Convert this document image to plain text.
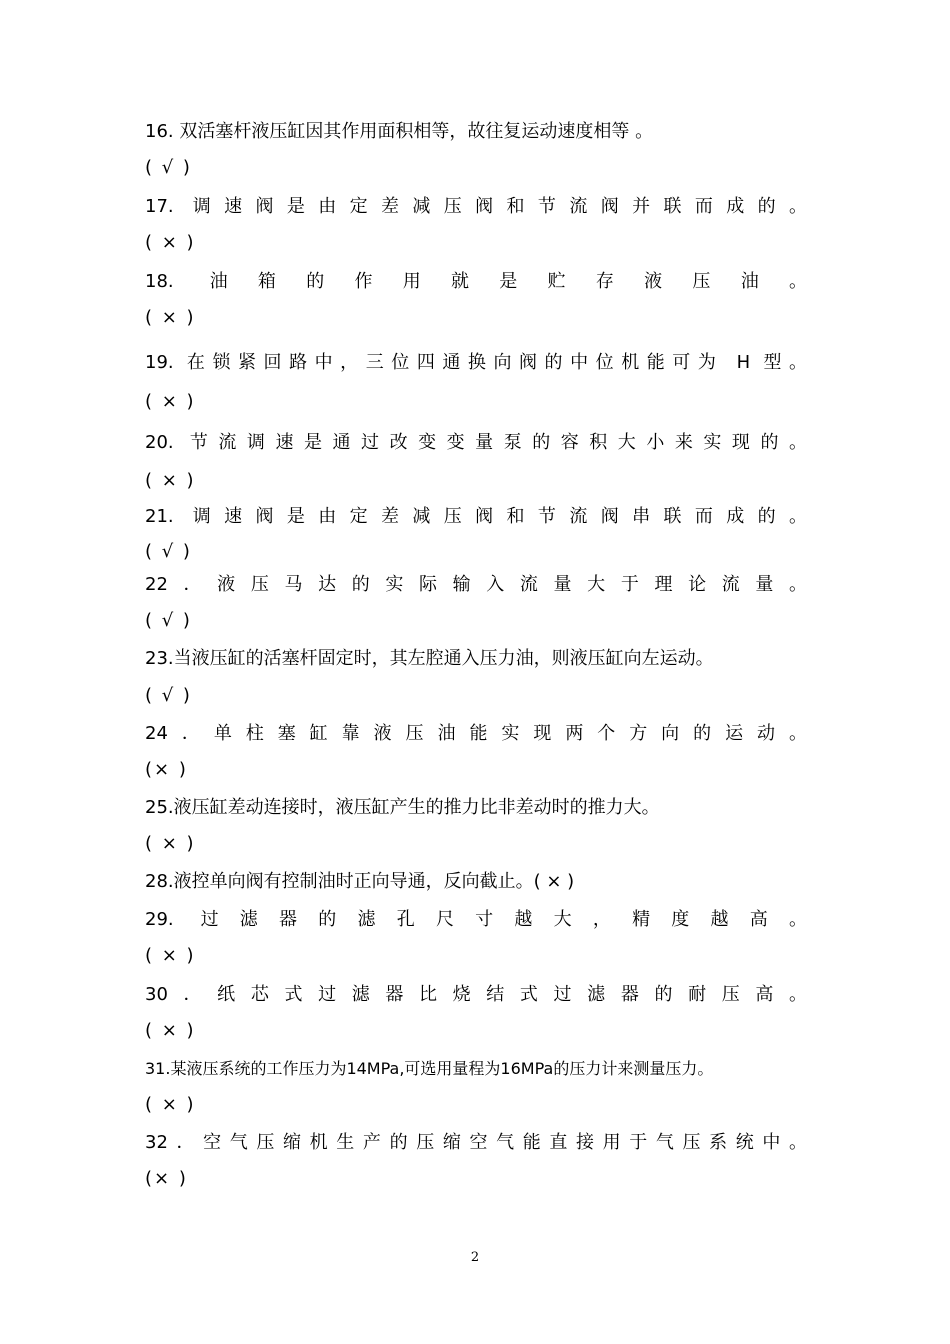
16. 双活塞杆液压缸因其作用面积相等，故往复运动速度相等 。
( √ )
17. 调速阀是由定差减压阀和节流阀并联而成的。
( × )
18. 油箱的作用就是贮存液压油。
( × )
19. 在锁紧回路中，三位四通换向阀的中位机能可为 H 型。
( × )
20. 节流调速是通过改变变量泵的容积大小来实现的。
( × )
21. 调速阀是由定差减压阀和节流阀串联而成的。
( √ )
22．液压马达的实际输入流量大于理论流量。
( √ )
23.当液压缸的活塞杆固定时，其左腔通入压力油，则液压缸向左运动。
( √ )
24．单柱塞缸靠液压油能实现两个方向的运动。
(× )
25.液压缸差动连接时，液压缸产生的推力比非差动时的推力大。
( × )
28.液控单向阀有控制油时正向导通，反向截止。( × )
29. 过滤器的滤孔尺寸越大，精度越高。
( × )
30．纸芯式过滤器比烧结式过滤器的耐压高。
( × )
31.某液压系统的工作压力为14MPa,可选用量程为16MPa的压力计来测量压力。
( × )
32．空气压缩机生产的压缩空气能直接用于气压系统中。
(× )
2
